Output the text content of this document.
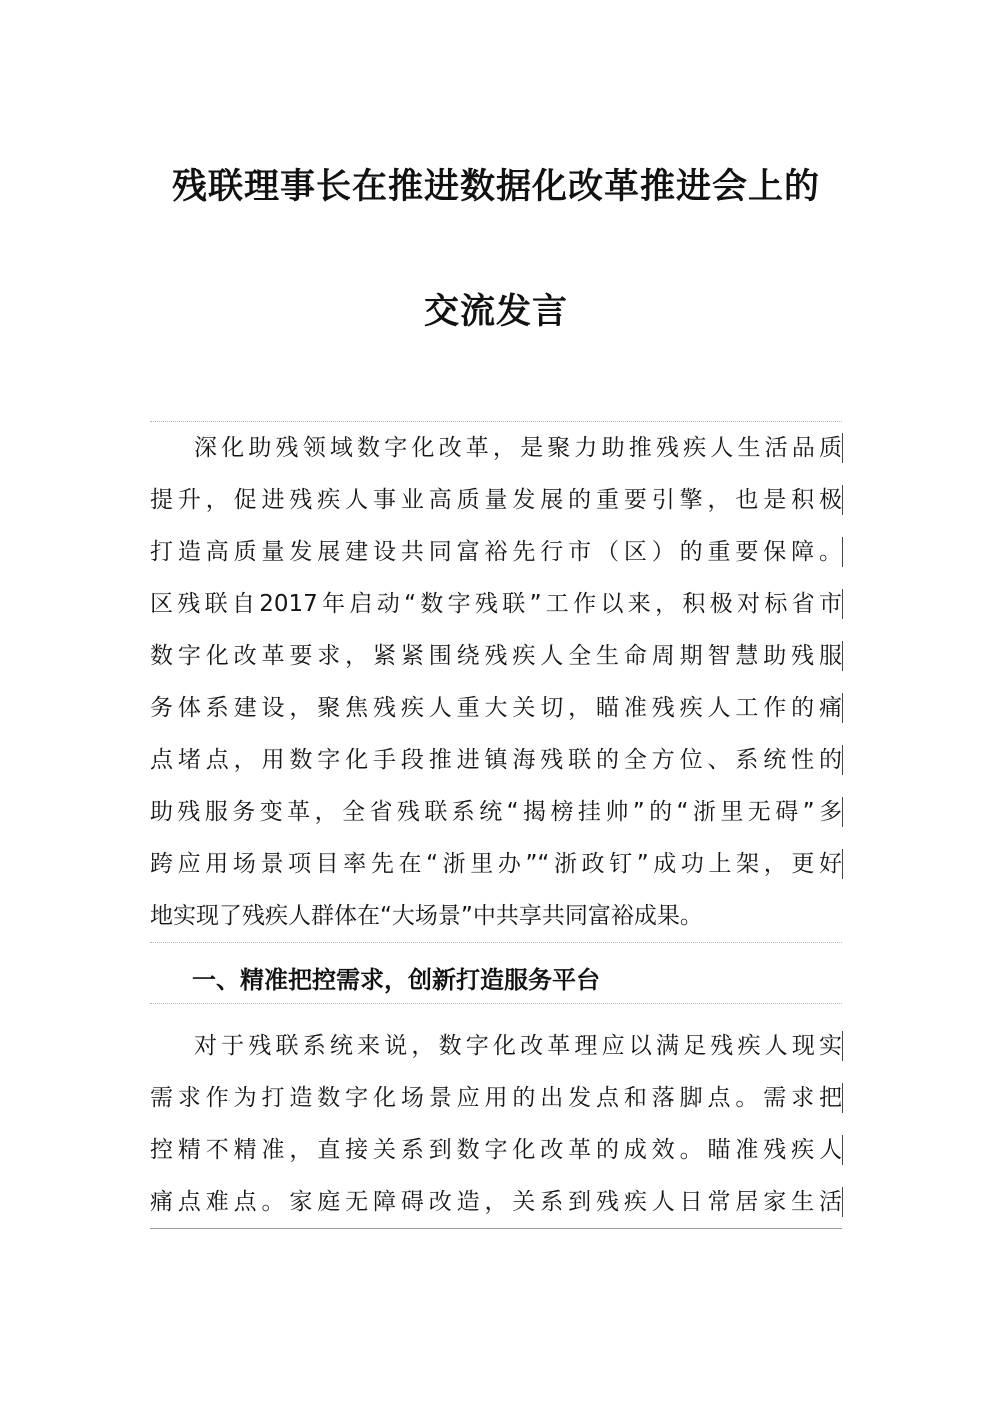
残联理事长在推进数据化改革推进会上的
交流发言
深化助残领域数字化改革，是聚力助推残疾人生活品质
提升，促进残疾人事业高质量发展的重要引擎，也是积极
打造高质量发展建设共同富裕先行市（区）的重要保障。
区残联自2017年启动“数字残联”工作以来，积极对标省市
数字化改革要求，紧紧围绕残疾人全生命周期智慧助残服
务体系建设，聚焦残疾人重大关切，瞄准残疾人工作的痛
点堵点，用数字化手段推进镇海残联的全方位、系统性的
助残服务变革，全省残联系统“揭榜挂帅”的“浙里无碍”多
跨应用场景项目率先在“浙里办”“浙政钉”成功上架，更好
地实现了残疾人群体在“大场景”中共享共同富裕成果。
一、精准把控需求，创新打造服务平台
对于残联系统来说，数字化改革理应以满足残疾人现实
需求作为打造数字化场景应用的出发点和落脚点。需求把
控精不精准，直接关系到数字化改革的成效。瞄准残疾人
痛点难点。家庭无障碍改造，关系到残疾人日常居家生活
